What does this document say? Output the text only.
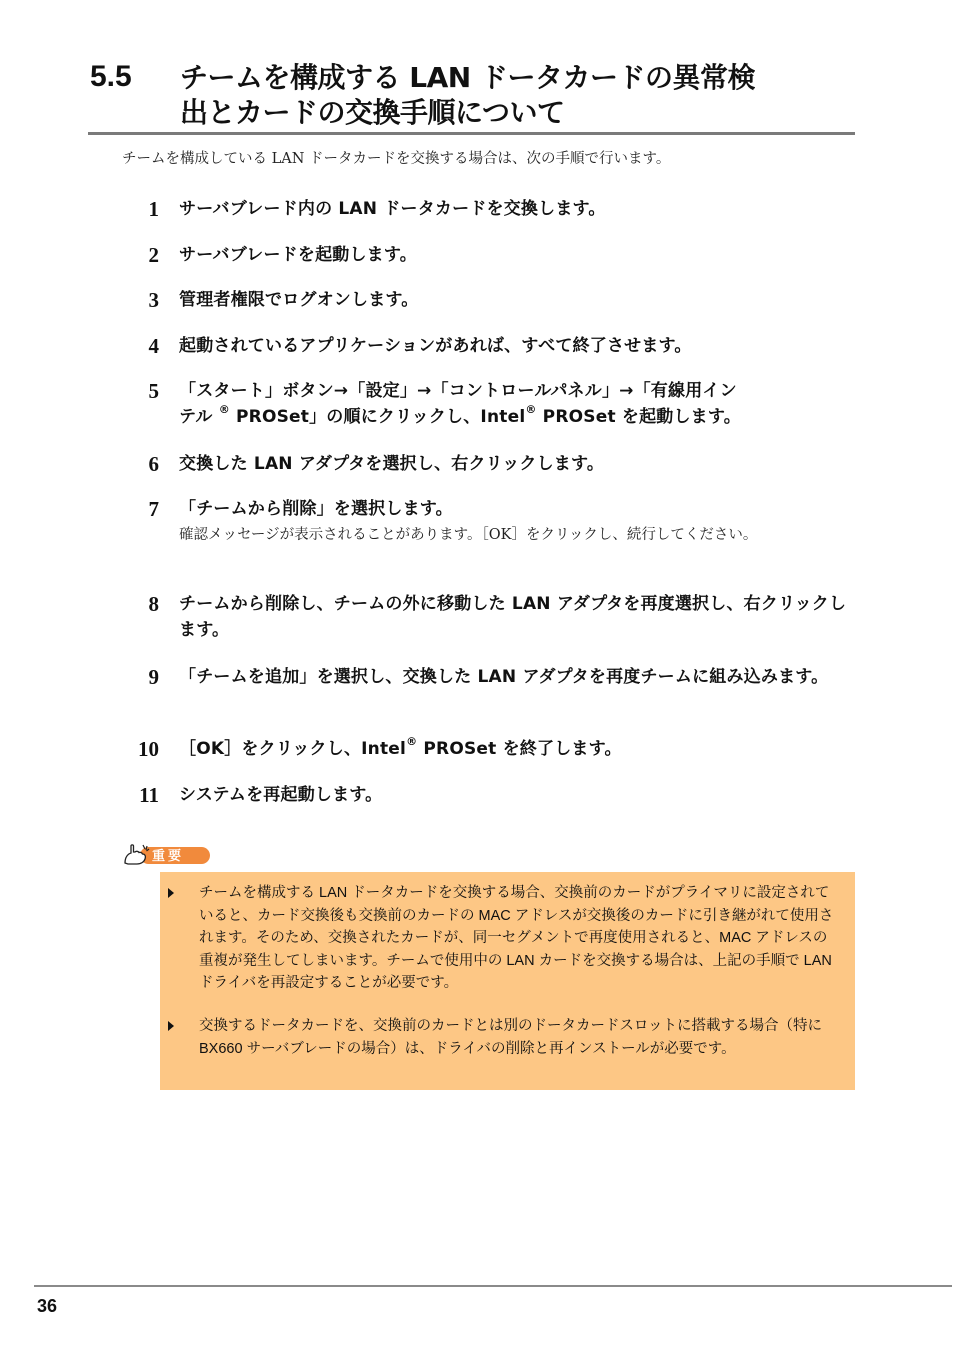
5.5 チームを構成する LAN ドータカードの異常検
出とカードの交換手順について
チームを構成している LAN ドータカードを交換する場合は、次の手順で行います。
1 サーバブレード内の LAN ドータカードを交換します。
2 サーバブレードを起動します。
3 管理者権限でログオンします。
4 起動されているアプリケーションがあれば、すべて終了させます。
5 「スタート」ボタン→「設定」→「コントロールパネル」→「有線用イン
テル ® PROSet」の順にクリックし、Intel® PROSet を起動します。
6 交換した LAN アダプタを選択し、右クリックします。
7 「チームから削除」を選択します。
確認メッセージが表示されることがあります。［OK］をクリックし、続行してください。
8 チームから削除し、チームの外に移動した LAN アダプタを再度選択し、右クリックします。
9 「チームを追加」を選択し、交換した LAN アダプタを再度チームに組み込みます。
10 ［OK］をクリックし、Intel® PROSet を終了します。
11 システムを再起動します。
重要
チームを構成する LAN ドータカードを交換する場合、交換前のカードがプライマリに設定されていると、カード交換後も交換前のカードの MAC アドレスが交換後のカードに引き継がれて使用されます。そのため、交換されたカードが、同一セグメントで再度使用されると、MAC アドレスの重複が発生してしまいます。チームで使用中の LAN カードを交換する場合は、上記の手順で LAN ドライバを再設定することが必要です。
交換するドータカードを、交換前のカードとは別のドータカードスロットに搭載する場合（特に BX660 サーバブレードの場合）は、ドライバの削除と再インストールが必要です。
36
